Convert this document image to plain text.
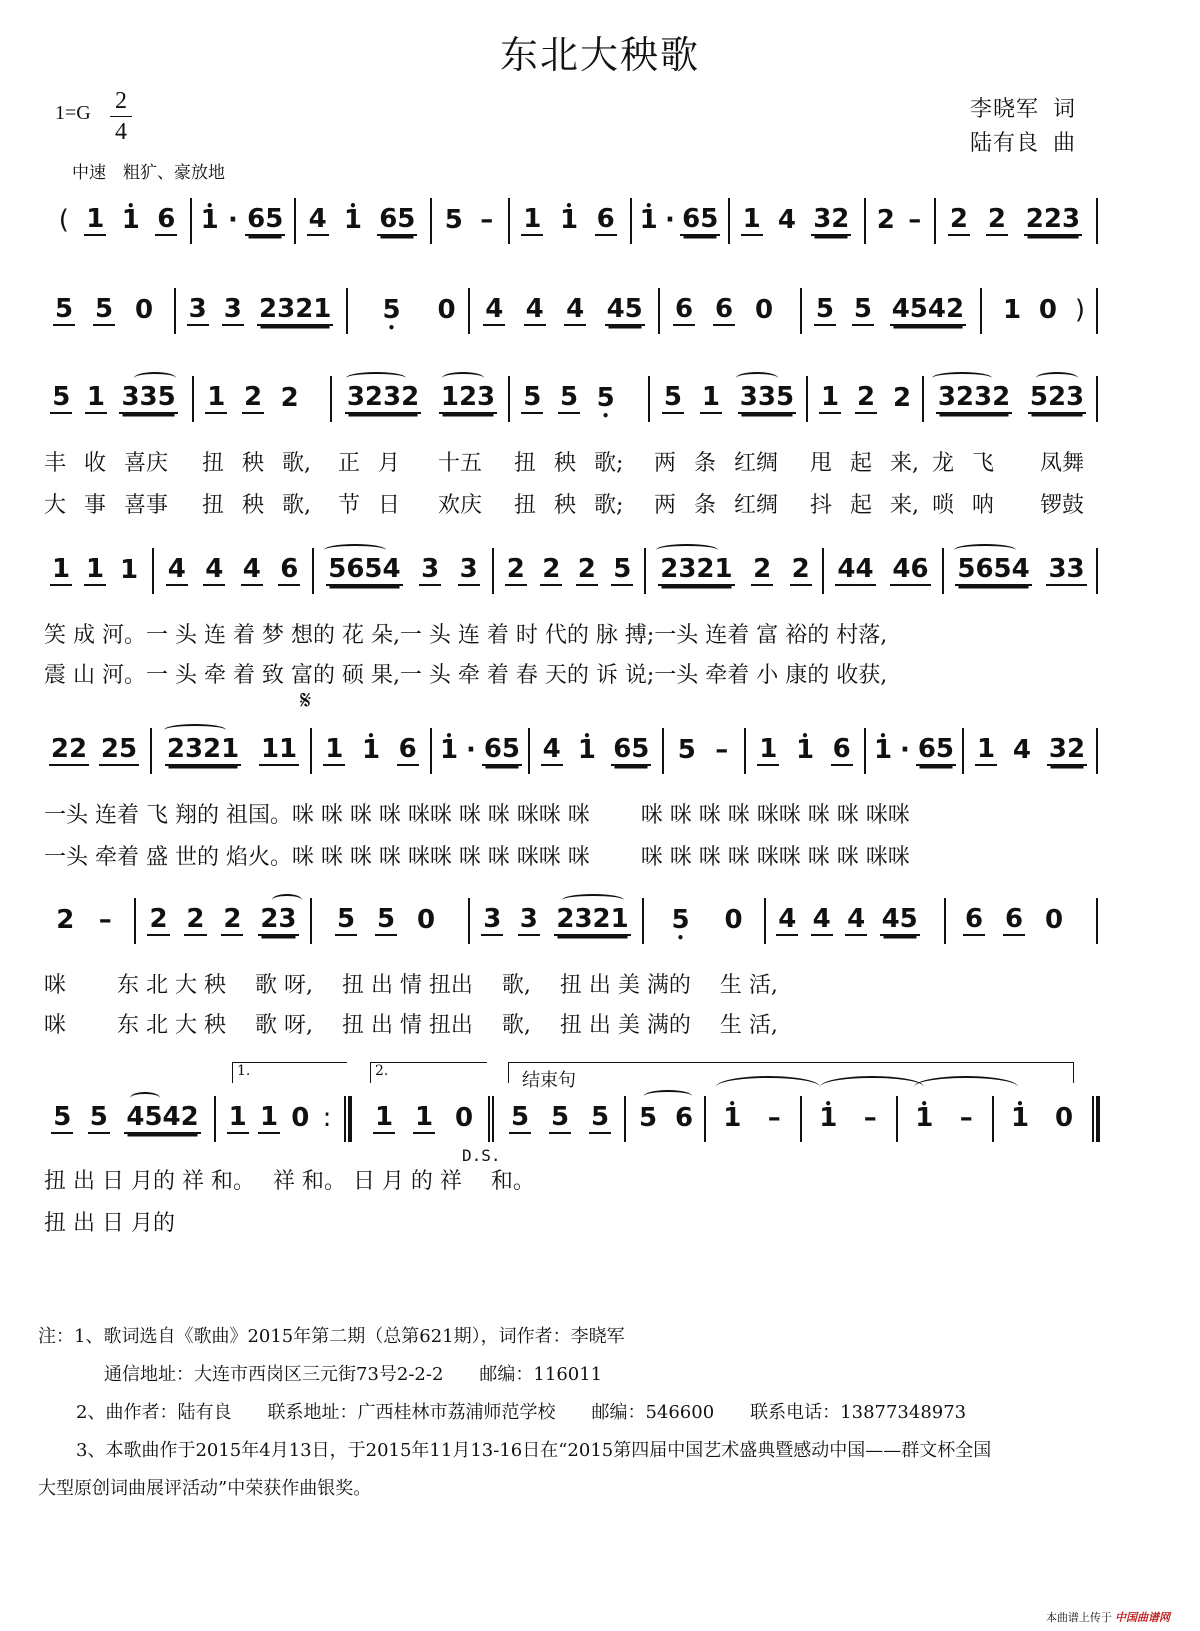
东北大秧歌
1=G 2
4
中速　粗犷、豪放地
李晓军 词
陆有良 曲
( 1 • 1 6 • 1 · 65 4 • 1 65 5 – 1 • 1 6 • 1 · 65 1 4 32 2 – 2 2 223
5 5 0 3 3 2321 5 • 0 4 4 4 45 6 6 0 5 5 4542 1 0 )
5 1 335 1 2 2 3232 123 5 5 5 • 5 1 335 1 2 2 3232 523
丰 收 喜庆 扭 秧 歌, 正 月 十五 扭 秧 歌; 两 条 红绸 甩 起 来, 龙 飞 凤舞
大 事 喜事 扭 秧 歌, 节 日 欢庆 扭 秧 歌; 两 条 红绸 抖 起 来, 唢 呐 锣鼓
1 1 1 4 4 4 6 5654 3 3 2 2 2 5 2321 2 2 44 46 5654 33
笑 成 河。一 头 连 着 梦 想的 花 朵,一 头 连 着 时 代的 脉 搏;一头 连着 富 裕的 村落,
震 山 河。一 头 牵 着 致 富的 硕 果,一 头 牵 着 春 天的 诉 说;一头 牵着 小 康的 收获,
𝄋
22 25 2321 11 1 • 1 6 • 1 · 65 4 • 1 65 5 – 1 • 1 6 • 1 · 65 1 4 32
一头 连着 飞 翔的 祖国。咪 咪 咪 咪 咪咪 咪 咪 咪咪 咪　　 咪 咪 咪 咪 咪咪 咪 咪 咪咪
一头 牵着 盛 世的 焰火。咪 咪 咪 咪 咪咪 咪 咪 咪咪 咪　　 咪 咪 咪 咪 咪咪 咪 咪 咪咪
2 – 2 2 2 23 5 5 0 3 3 2321 5 • 0 4 4 4 45 6 6 0
咪　　 东 北 大 秧　 歌 呀,　 扭 出 情 扭出　 歌,　 扭 出 美 满的　 生 活,
咪　　 东 北 大 秧　 歌 呀,　 扭 出 情 扭出　 歌,　 扭 出 美 满的　 生 活,
1.	2.	结束句
5 5 4542 1 1 0 : 1 1 0 5 5 5 5 6 • 1 – • 1 – • 1 – • 1 0
D.S.
扭 出 日 月的 祥 和。　 祥 和。 日 月 的 祥　 和。
扭 出 日 月的
注：1、歌词选自《歌曲》2015年第二期（总第621期），词作者：李晓军
通信地址：大连市西岗区三元街73号2-2-2　　邮编：116011
2、曲作者：陆有良　　联系地址：广西桂林市荔浦师范学校　　邮编：546600　　联系电话：13877348973
3、本歌曲作于2015年4月13日，于2015年11月13-16日在“2015第四届中国艺术盛典暨感动中国——群文杯全国
大型原创词曲展评活动”中荣获作曲银奖。
本曲谱上传于 中国曲谱网
